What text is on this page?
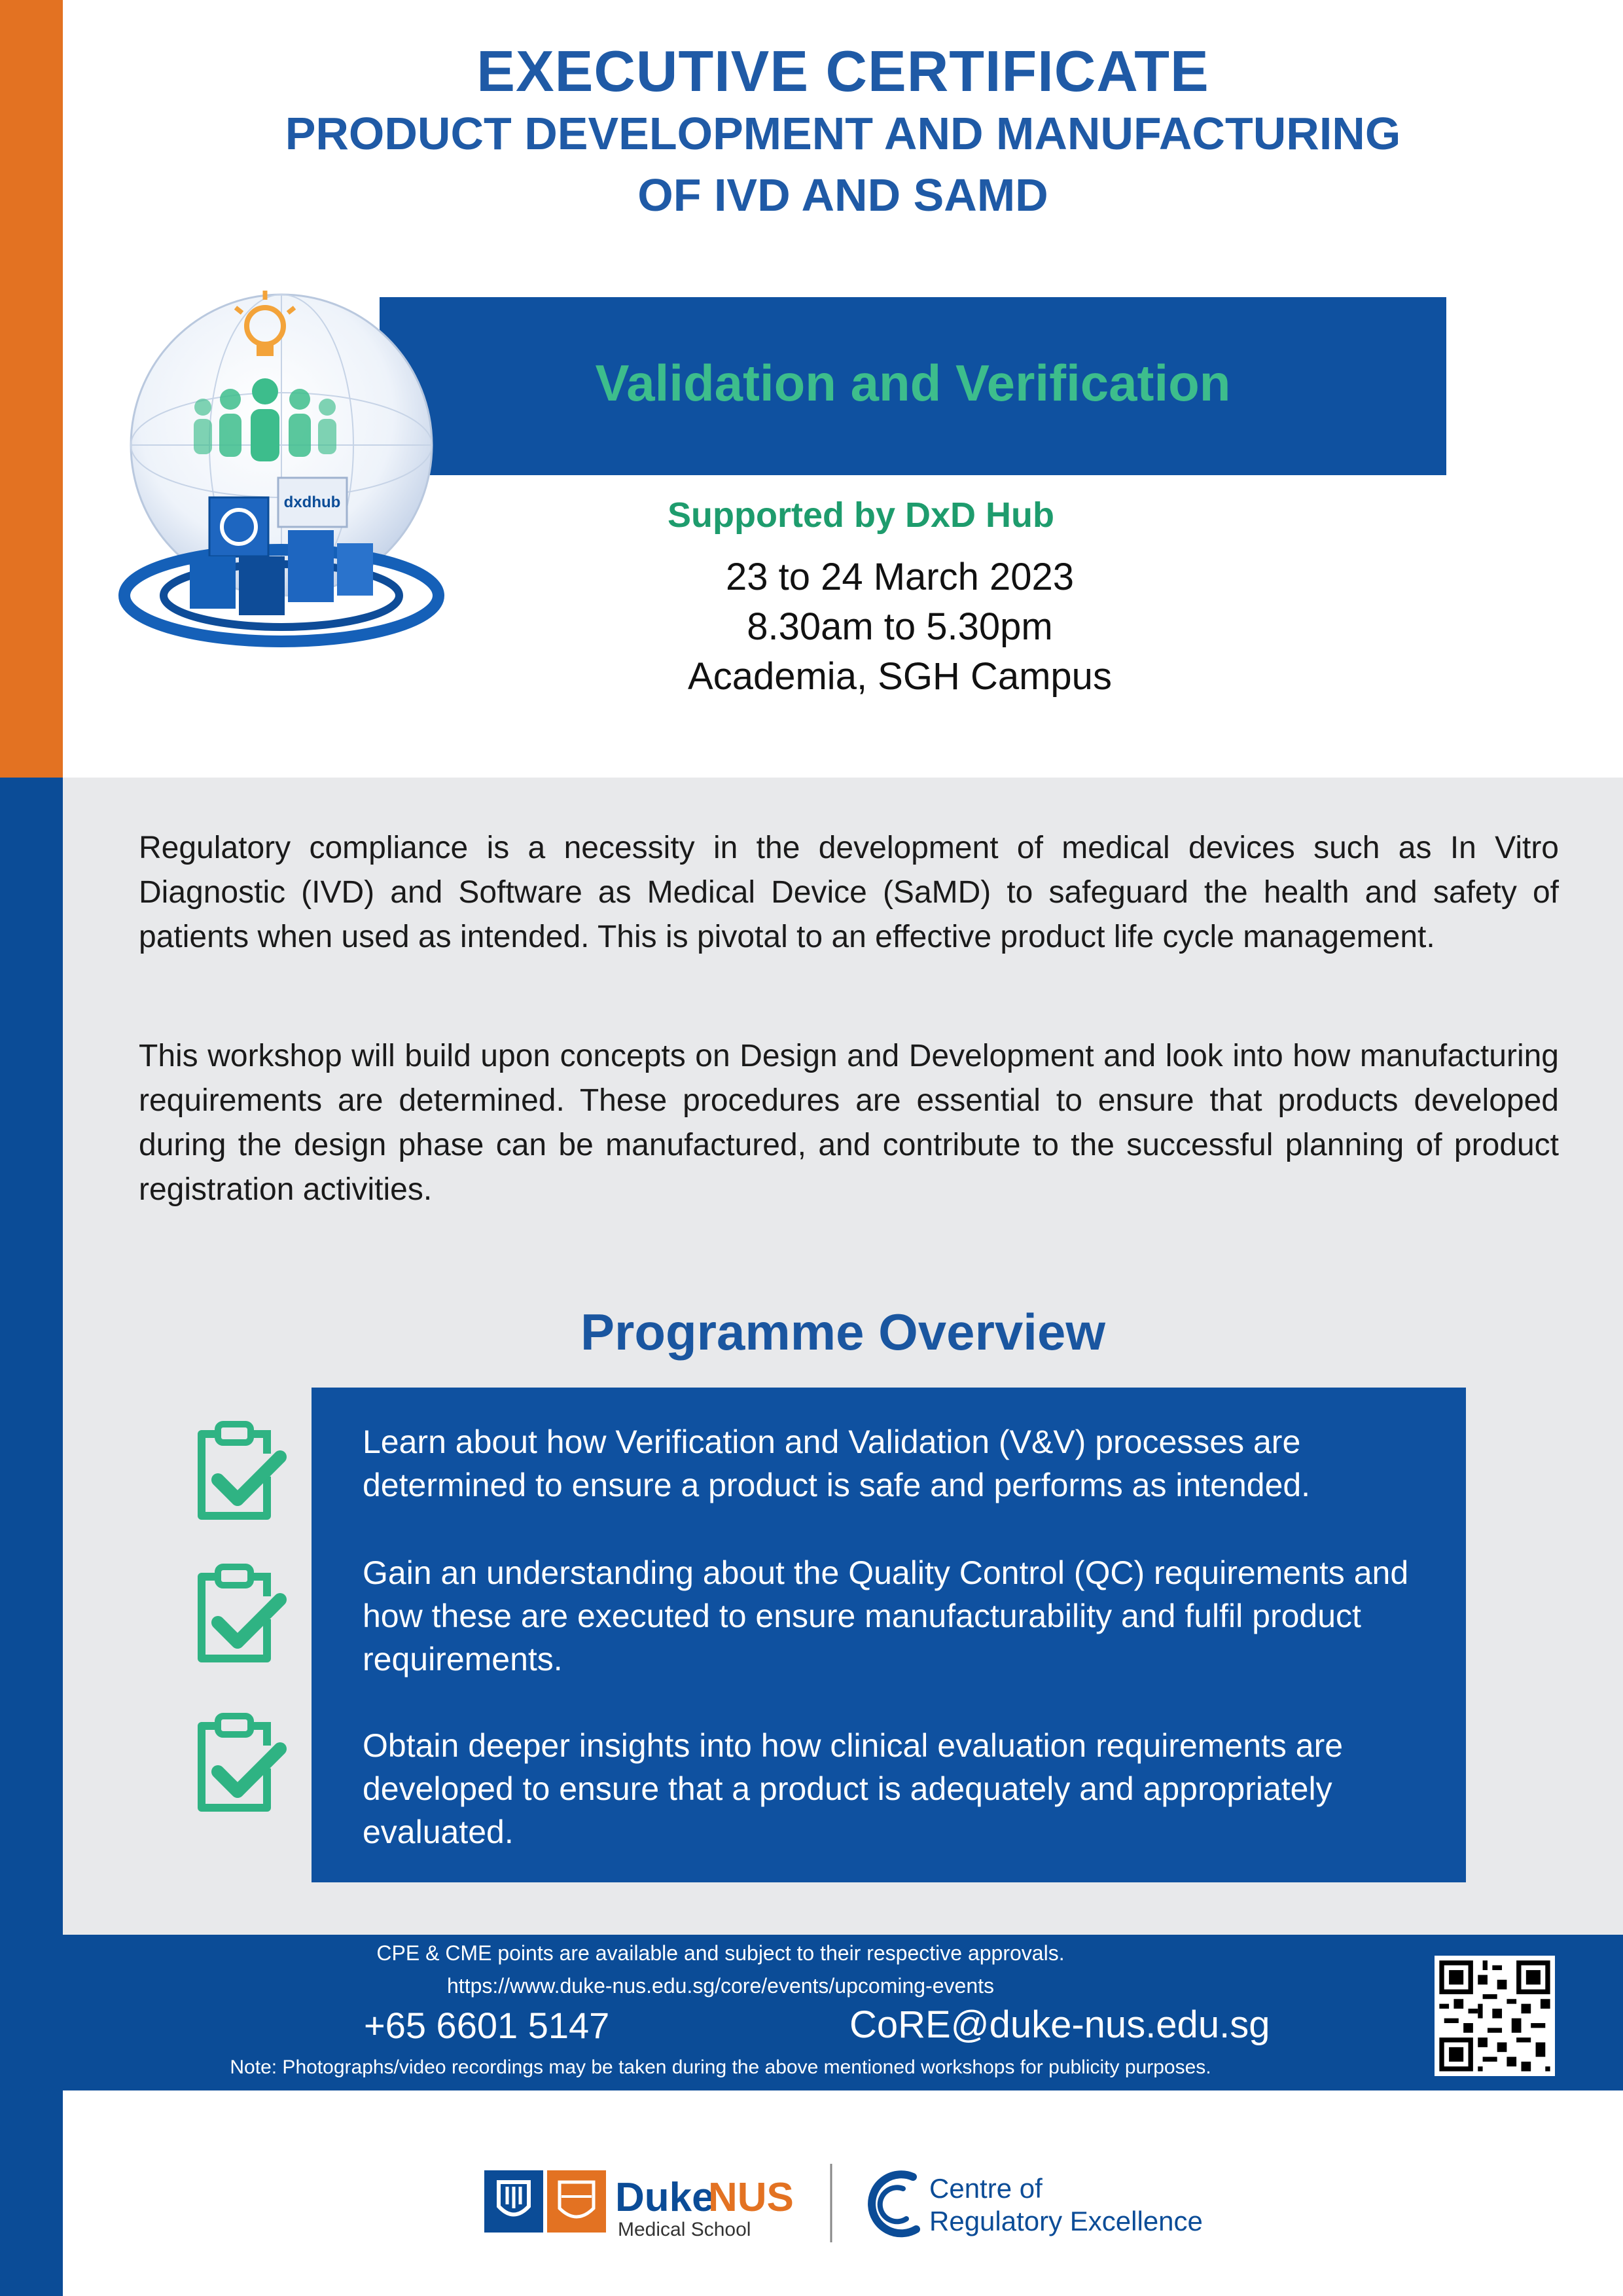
EXECUTIVE CERTIFICATE
PRODUCT DEVELOPMENT AND MANUFACTURING
OF IVD AND SAMD
Validation and Verification
dxdhub	Supported by DxD Hub
23 to 24 March 2023
8.30am to 5.30pm
Academia, SGH Campus
Regulatory compliance is a necessity in the development of medical devices such as In Vitro Diagnostic (IVD) and Software as Medical Device (SaMD) to safeguard the health and safety of patients when used as intended. This is pivotal to an effective product life cycle management.
This workshop will build upon concepts on Design and Development and look into how manufacturing requirements are determined. These procedures are essential to ensure that products developed during the design phase can be manufactured, and contribute to the successful planning of product registration activities.
Programme Overview
Learn about how Verification and Validation (V&V) processes are determined to ensure a product is safe and performs as intended.
Gain an understanding about the Quality Control (QC) requirements and how these are executed to ensure manufacturability and fulfil product requirements.
Obtain deeper insights into how clinical evaluation requirements are developed to ensure that a product is adequately and appropriately evaluated.
CPE & CME points are available and subject to their respective approvals.
https://www.duke-nus.edu.sg/core/events/upcoming-events
+65 6601 5147	CoRE@duke-nus.edu.sg
Note: Photographs/video recordings may be taken during the above mentioned workshops for publicity purposes.
Duke
NUS
Medical School
Centre of
Regulatory Excellence
